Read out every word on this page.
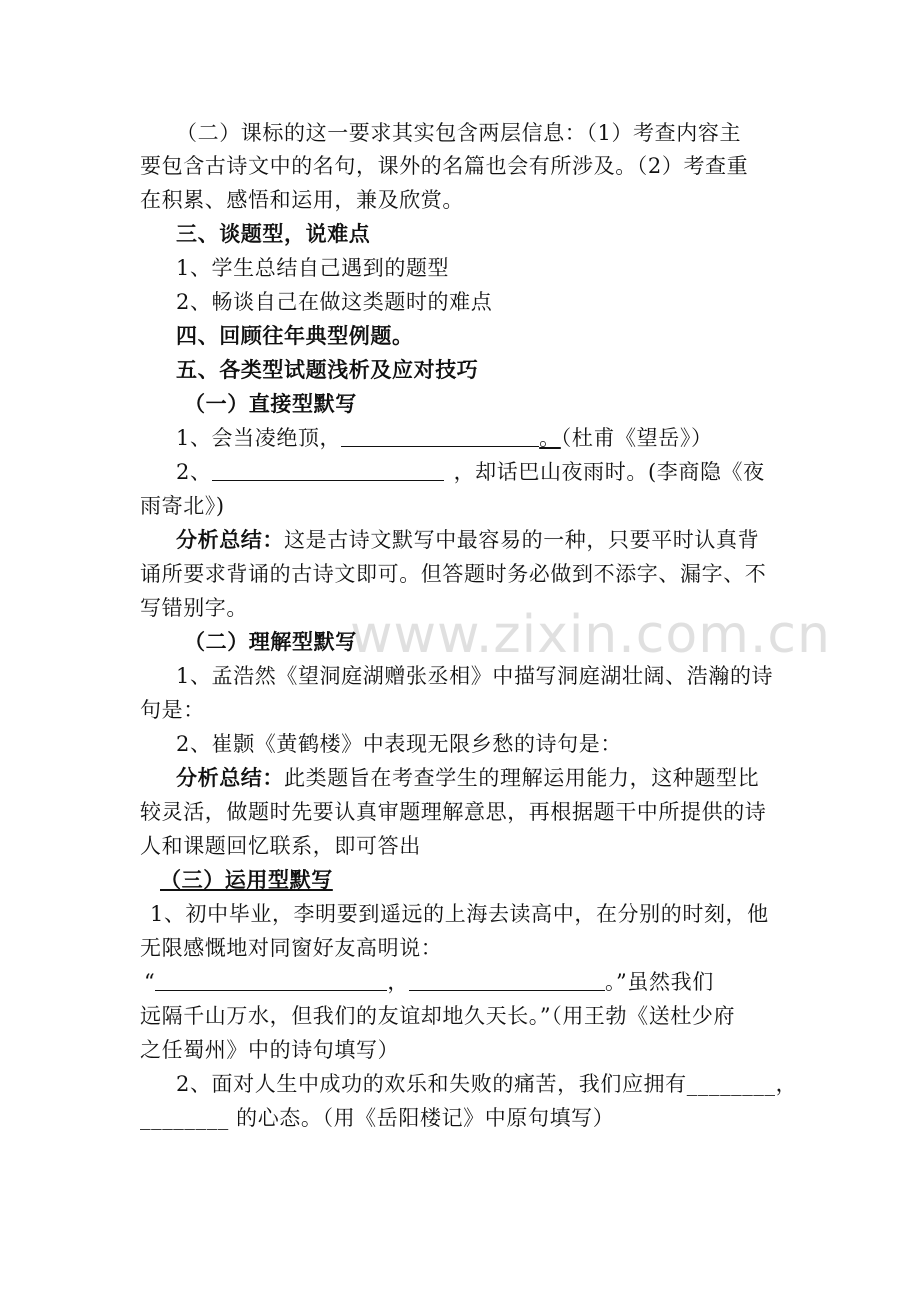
www.zixin.com.cn
（二）课标的这一要求其实包含两层信息：（1）考查内容主
要包含古诗文中的名句，课外的名篇也会有所涉及。（2）考查重
在积累、感悟和运用，兼及欣赏。
三、谈题型，说难点
1、学生总结自己遇到的题型
2、畅谈自己在做这类题时的难点
四、回顾往年典型例题。
五、各类型试题浅析及应对技巧
（一）直接型默写
1、会当凌绝顶，	。（杜甫《望岳》）
2、	，却话巴山夜雨时。(李商隐《夜
雨寄北》)
分析总结：这是古诗文默写中最容易的一种，只要平时认真背
诵所要求背诵的古诗文即可。但答题时务必做到不添字、漏字、不
写错别字。
（二）理解型默写
1、孟浩然《望洞庭湖赠张丞相》中描写洞庭湖壮阔、浩瀚的诗
句是：
2、崔颢《黄鹤楼》中表现无限乡愁的诗句是：
分析总结：此类题旨在考查学生的理解运用能力，这种题型比
较灵活，做题时先要认真审题理解意思，再根据题干中所提供的诗
人和课题回忆联系，即可答出
（三）运用型默写
1、初中毕业，李明要到遥远的上海去读高中，在分别的时刻，他
无限感慨地对同窗好友高明说：
“	，	。”虽然我们
远隔千山万水，但我们的友谊却地久天长。”（用王勃《送杜少府
之任蜀州》中的诗句填写）
2、面对人生中成功的欢乐和失败的痛苦，我们应拥有________，
________ 的心态。（用《岳阳楼记》中原句填写）
